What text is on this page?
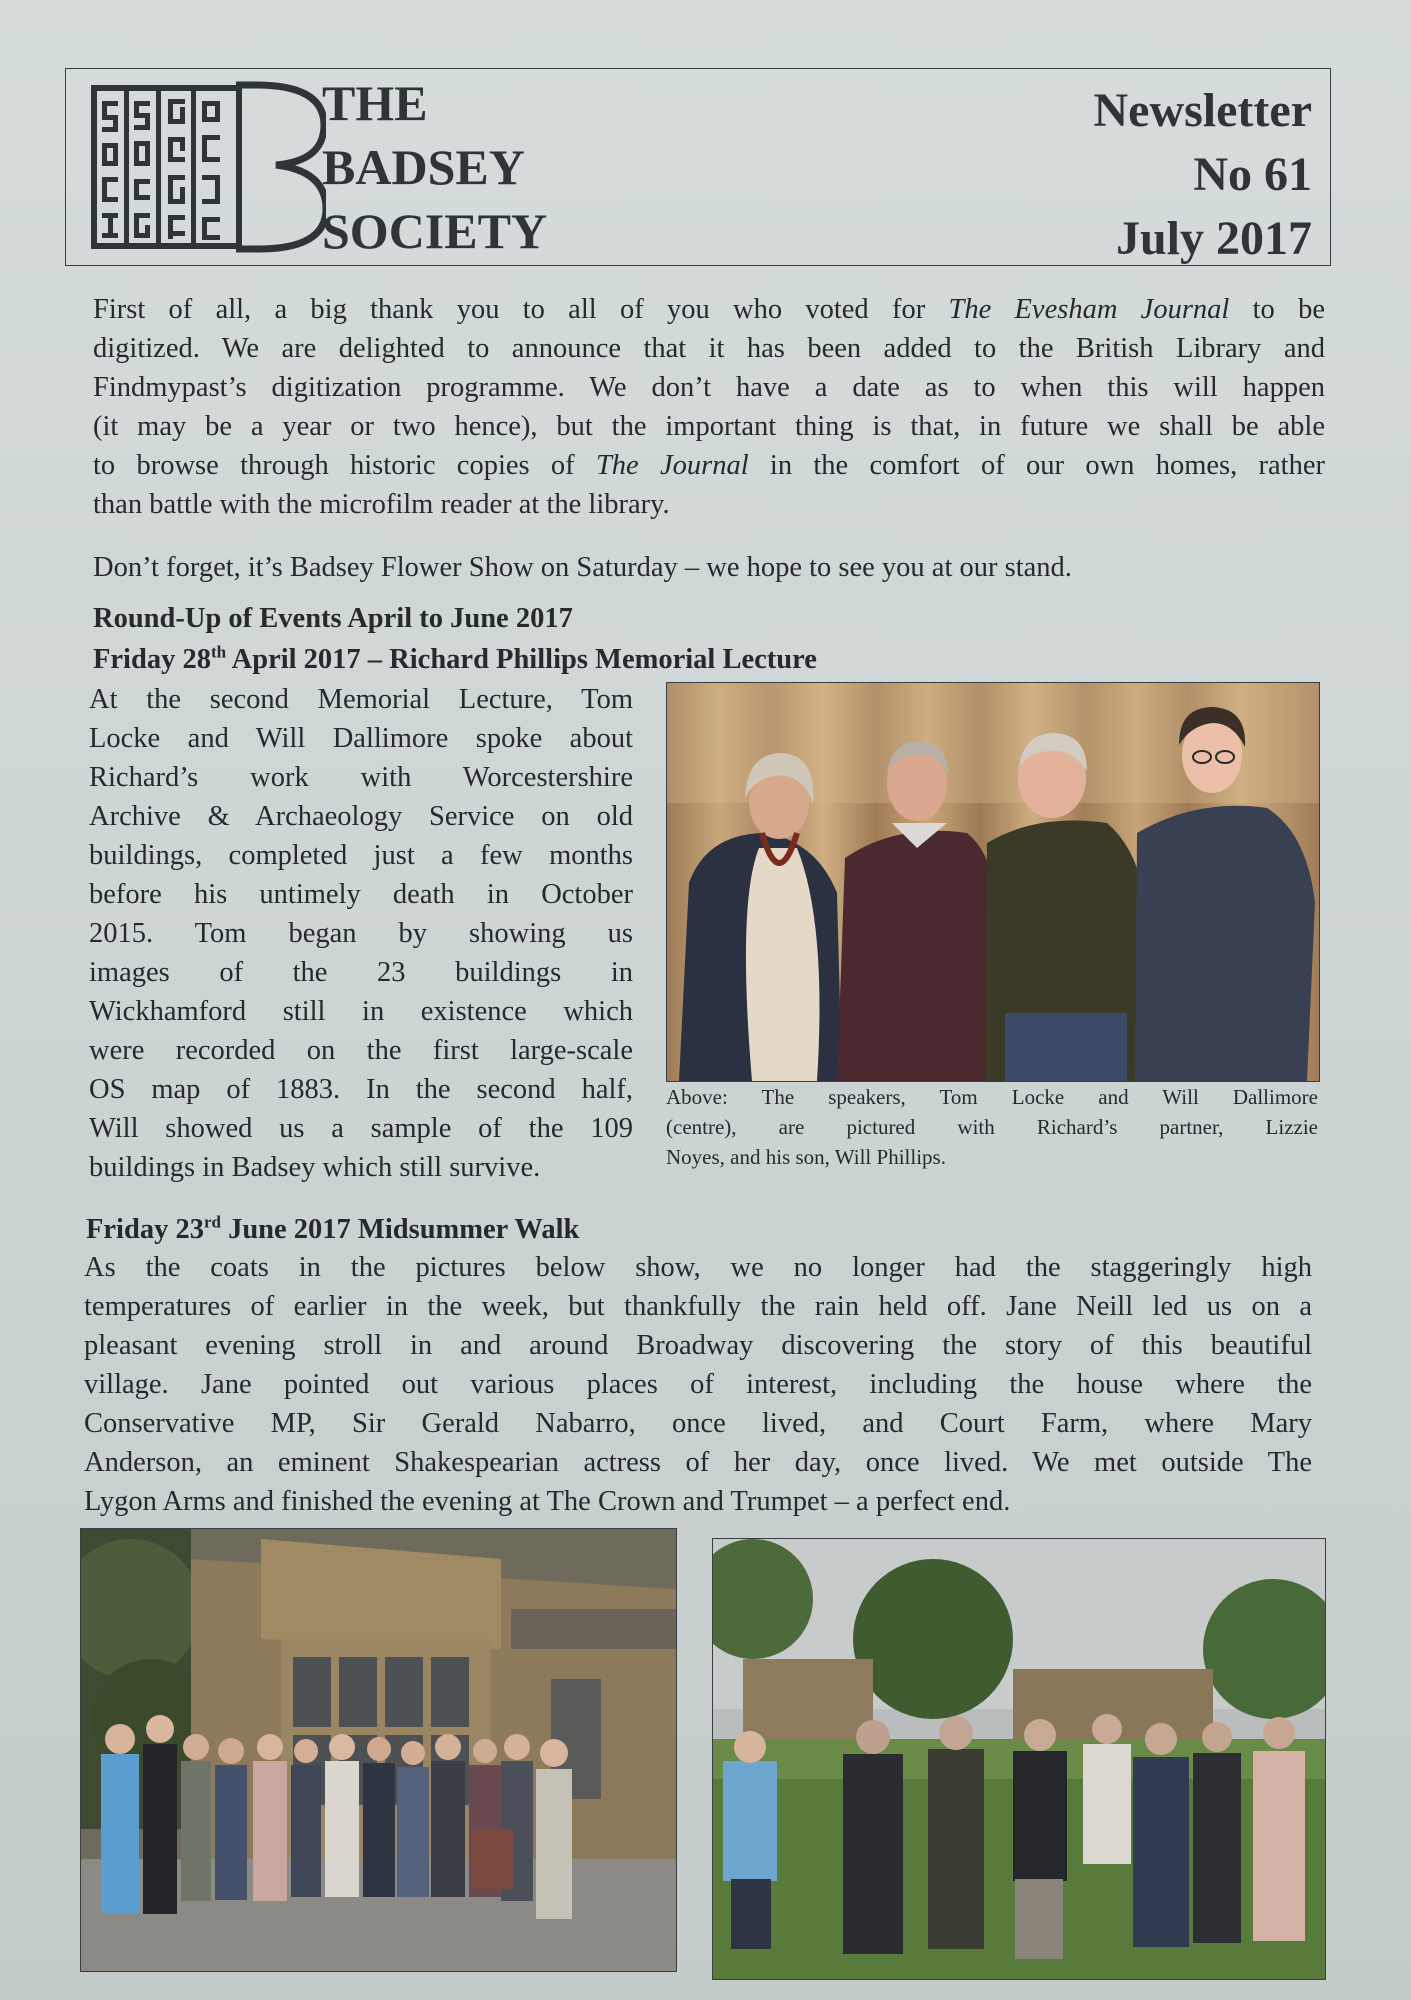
THE
BADSEY
SOCIETY
Newsletter
No 61
July 2017
First of all, a big thank you to all of you who voted for The Evesham Journal to be
digitized. We are delighted to announce that it has been added to the British Library and
Findmypast’s digitization programme. We don’t have a date as to when this will happen
(it may be a year or two hence), but the important thing is that, in future we shall be able
to browse through historic copies of The Journal in the comfort of our own homes, rather
than battle with the microfilm reader at the library.
Don’t forget, it’s Badsey Flower Show on Saturday – we hope to see you at our stand.
Round-Up of Events April to June 2017
Friday 28th April 2017 – Richard Phillips Memorial Lecture
At the second Memorial Lecture, Tom
Locke and Will Dallimore spoke about
Richard’s work with Worcestershire
Archive & Archaeology Service on old
buildings, completed just a few months
before his untimely death in October
2015. Tom began by showing us
images of the 23 buildings in
Wickhamford still in existence which
were recorded on the first large-scale
OS map of 1883. In the second half,
Will showed us a sample of the 109
buildings in Badsey which still survive.
Above: The speakers, Tom Locke and Will Dallimore
(centre), are pictured with Richard’s partner, Lizzie
Noyes, and his son, Will Phillips.
Friday 23rd June 2017 Midsummer Walk
As the coats in the pictures below show, we no longer had the staggeringly high
temperatures of earlier in the week, but thankfully the rain held off. Jane Neill led us on a
pleasant evening stroll in and around Broadway discovering the story of this beautiful
village. Jane pointed out various places of interest, including the house where the
Conservative MP, Sir Gerald Nabarro, once lived, and Court Farm, where Mary
Anderson, an eminent Shakespearian actress of her day, once lived. We met outside The
Lygon Arms and finished the evening at The Crown and Trumpet – a perfect end.
